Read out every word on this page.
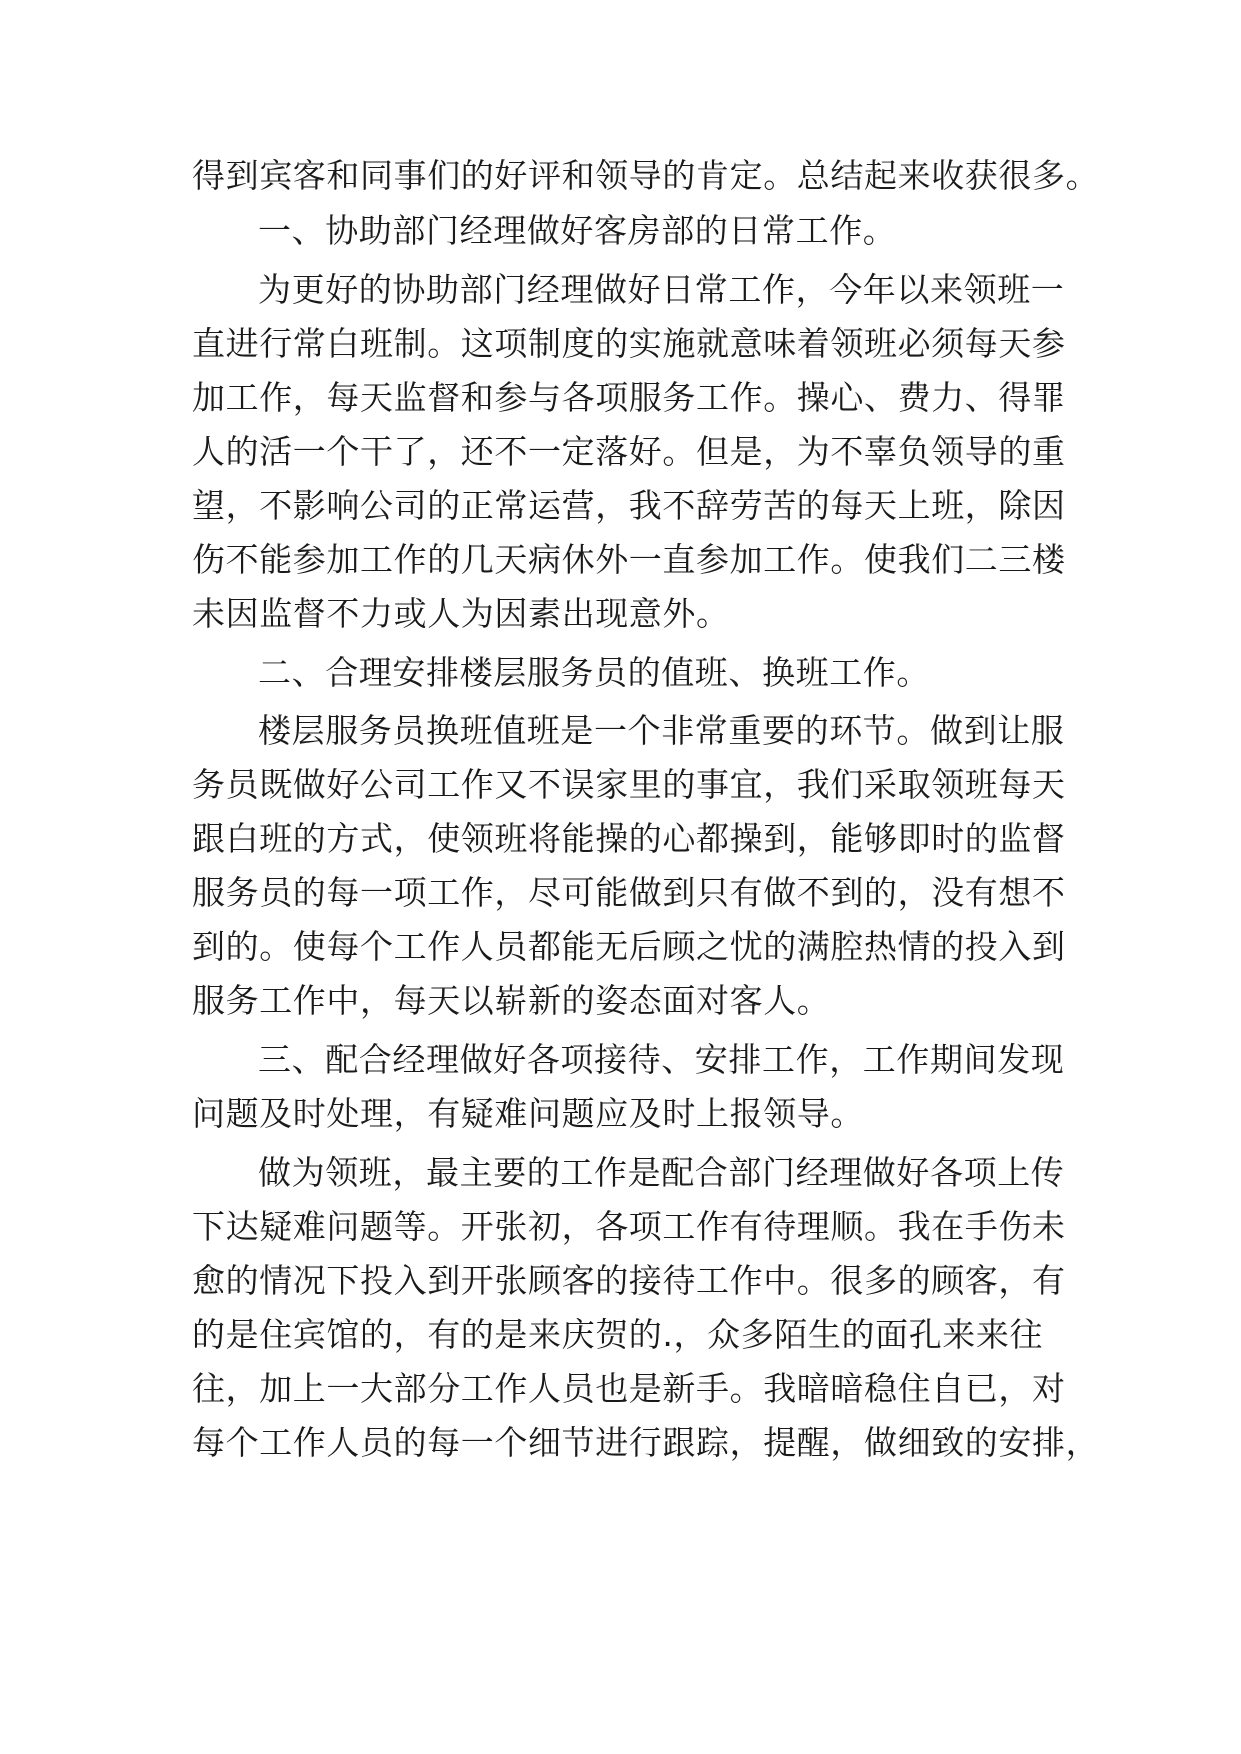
得到宾客和同事们的好评和领导的肯定。总结起来收获很多。
一、协助部门经理做好客房部的日常工作。
为更好的协助部门经理做好日常工作，今年以来领班一
直进行常白班制。这项制度的实施就意味着领班必须每天参
加工作，每天监督和参与各项服务工作。操心、费力、得罪
人的活一个干了，还不一定落好。但是，为不辜负领导的重
望，不影响公司的正常运营，我不辞劳苦的每天上班，除因
伤不能参加工作的几天病休外一直参加工作。使我们二三楼
未因监督不力或人为因素出现意外。
二、合理安排楼层服务员的值班、换班工作。
楼层服务员换班值班是一个非常重要的环节。做到让服
务员既做好公司工作又不误家里的事宜，我们采取领班每天
跟白班的方式，使领班将能操的心都操到，能够即时的监督
服务员的每一项工作，尽可能做到只有做不到的，没有想不
到的。使每个工作人员都能无后顾之忧的满腔热情的投入到
服务工作中，每天以崭新的姿态面对客人。
三、配合经理做好各项接待、安排工作，工作期间发现
问题及时处理，有疑难问题应及时上报领导。
做为领班，最主要的工作是配合部门经理做好各项上传
下达疑难问题等。开张初，各项工作有待理顺。我在手伤未
愈的情况下投入到开张顾客的接待工作中。很多的顾客，有
的是住宾馆的，有的是来庆贺的.，众多陌生的面孔来来往
往，加上一大部分工作人员也是新手。我暗暗稳住自已，对
每个工作人员的每一个细节进行跟踪，提醒，做细致的安排，
